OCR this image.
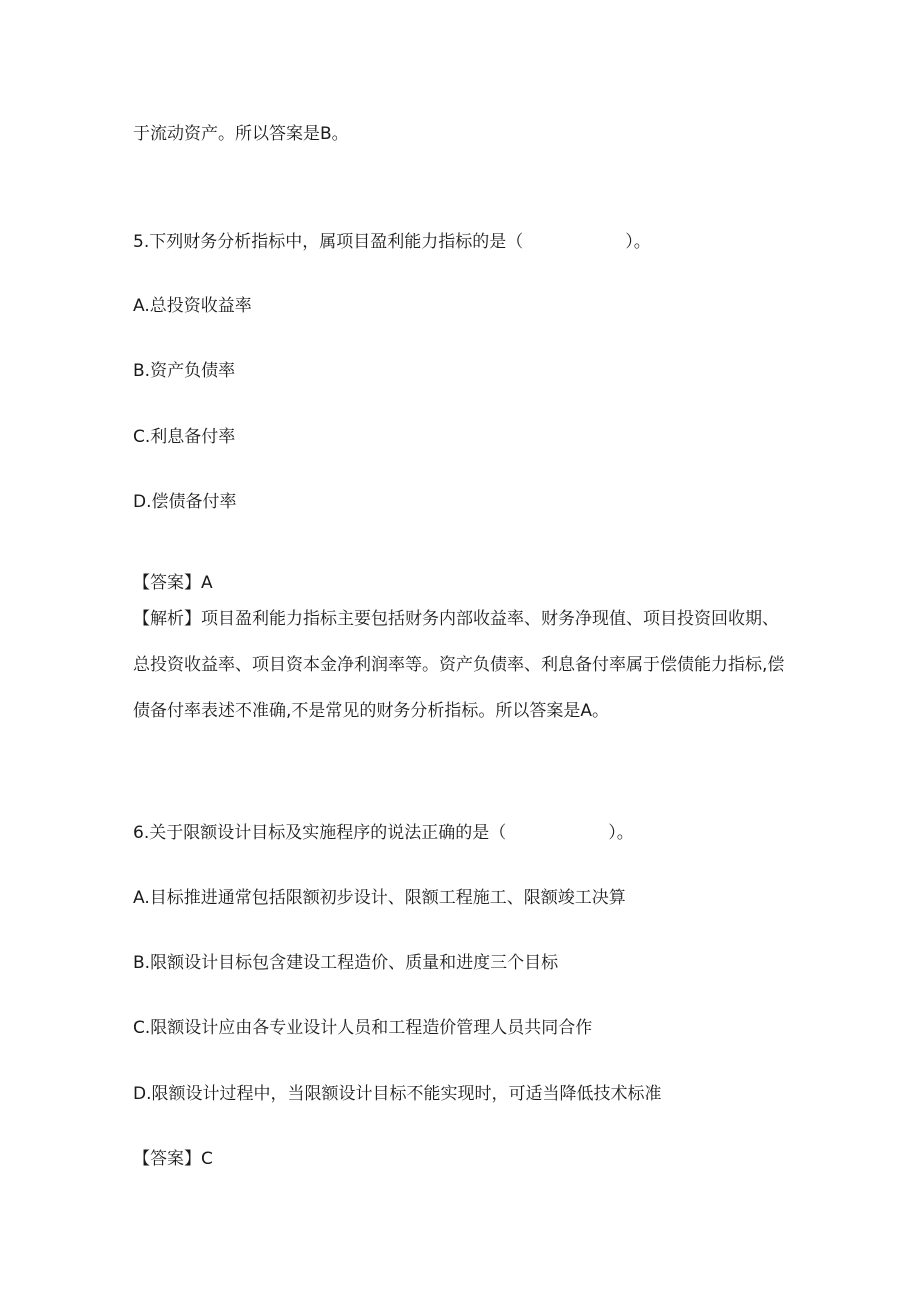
于流动资产。所以答案是B。
5.下列财务分析指标中，属项目盈利能力指标的是（　　　　　　）。
A.总投资收益率
B.资产负债率
C.利息备付率
D.偿债备付率
【答案】A
【解析】项目盈利能力指标主要包括财务内部收益率、财务净现值、项目投资回收期、总投资收益率、项目资本金净利润率等。资产负债率、利息备付率属于偿债能力指标,偿债备付率表述不准确,不是常见的财务分析指标。所以答案是A。
6.关于限额设计目标及实施程序的说法正确的是（　　　　　　）。
A.目标推进通常包括限额初步设计、限额工程施工、限额竣工决算
B.限额设计目标包含建设工程造价、质量和进度三个目标
C.限额设计应由各专业设计人员和工程造价管理人员共同合作
D.限额设计过程中，当限额设计目标不能实现时，可适当降低技术标准
【答案】C
